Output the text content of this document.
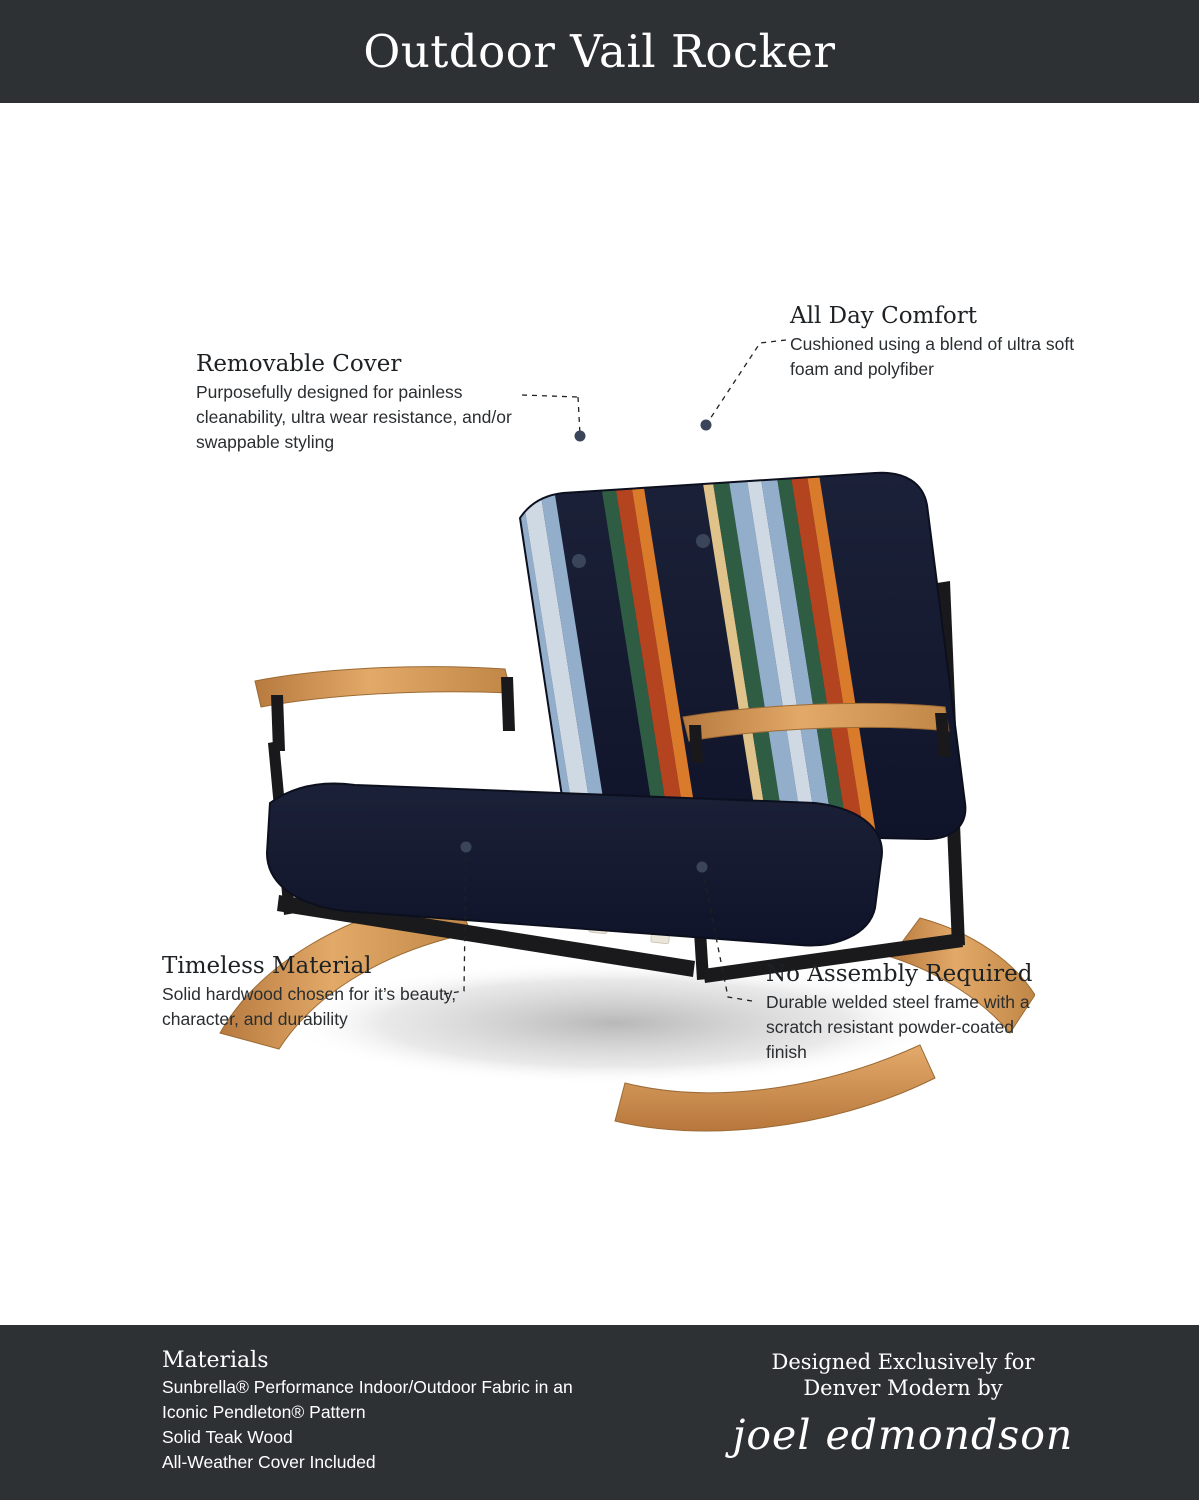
Outdoor Vail Rocker
Removable Cover
Purposefully designed for painless cleanability, ultra wear resistance, and/or swappable styling
All Day Comfort
Cushioned using a blend of ultra soft foam and polyfiber
Timeless Material
Solid hardwood chosen for it’s beauty, character, and durability
No Assembly Required
Durable welded steel frame with a scratch resistant powder-coated finish
Materials
Sunbrella® Performance Indoor/Outdoor Fabric in an
Iconic Pendleton® Pattern
Solid Teak Wood
All-Weather Cover Included
Designed Exclusively for
Denver Modern by
joel edmondson
